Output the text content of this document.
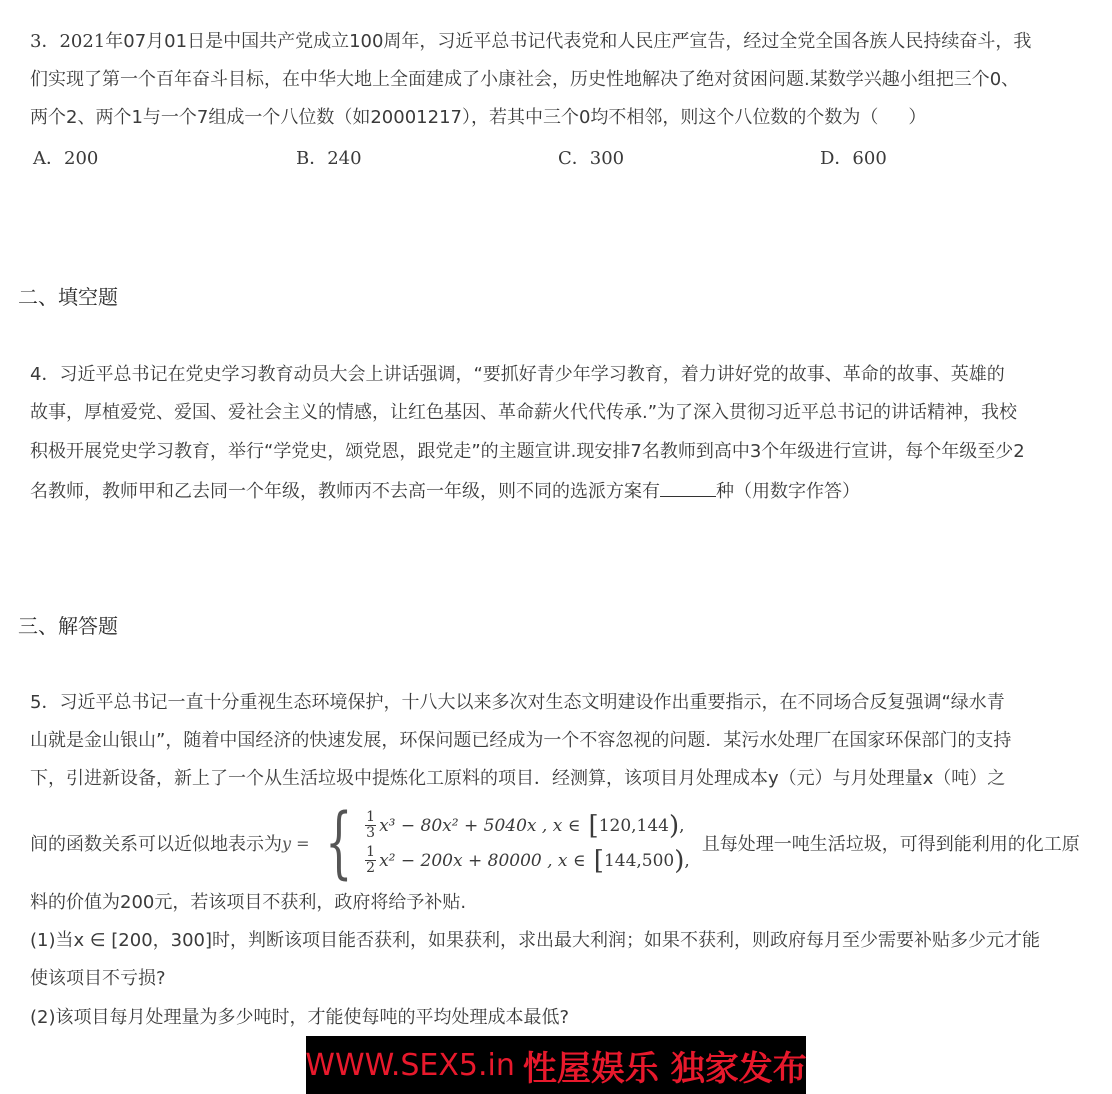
3．2021年07月01日是中国共产党成立100周年，习近平总书记代表党和人民庄严宣告，经过全党全国各族人民持续奋斗，我
们实现了第一个百年奋斗目标，在中华大地上全面建成了小康社会，历史性地解决了绝对贫困问题.某数学兴趣小组把三个0、
两个2、两个1与一个7组成一个八位数（如20001217），若其中三个0均不相邻，则这个八位数的个数为（ ）
A．200	B．240	C．300	D．600
二、填空题
4．习近平总书记在党史学习教育动员大会上讲话强调，“要抓好青少年学习教育，着力讲好党的故事、革命的故事、英雄的
故事，厚植爱党、爱国、爱社会主义的情感，让红色基因、革命薪火代代传承.”为了深入贯彻习近平总书记的讲话精神，我校
积极开展党史学习教育，举行“学党史，颂党恩，跟党走”的主题宣讲.现安排7名教师到高中3个年级进行宣讲，每个年级至少2
名教师，教师甲和乙去同一个年级，教师丙不去高一年级，则不同的选派方案有	种（用数字作答）
三、解答题
5．习近平总书记一直十分重视生态环境保护，十八大以来多次对生态文明建设作出重要指示，在不同场合反复强调“绿水青
山就是金山银山”，随着中国经济的快速发展，环保问题已经成为一个不容忽视的问题．某污水处理厂在国家环保部门的支持
下，引进新设备，新上了一个从生活垃圾中提炼化工原料的项目．经测算，该项目月处理成本y（元）与月处理量x（吨）之
间的函数关系可以近似地表示为 y = { $\frac{1}{3} x^3 - 80x^2 + 5040x$ , x ∈ [ 120,144 ) ,
$\frac{1}{2} x^2 - 200x + 80000$ , x ∈ [ 144,500 ) ,
且每处理一吨生活垃圾，可得到能利用的化工原
料的价值为200元，若该项目不获利，政府将给予补贴.
(1)当x ∈ [200，300]时，判断该项目能否获利，如果获利，求出最大利润；如果不获利，则政府每月至少需要补贴多少元才能
使该项目不亏损?
(2)该项目每月处理量为多少吨时，才能使每吨的平均处理成本最低?
WWW.SEX5.in 性屋娱乐 独家发布
